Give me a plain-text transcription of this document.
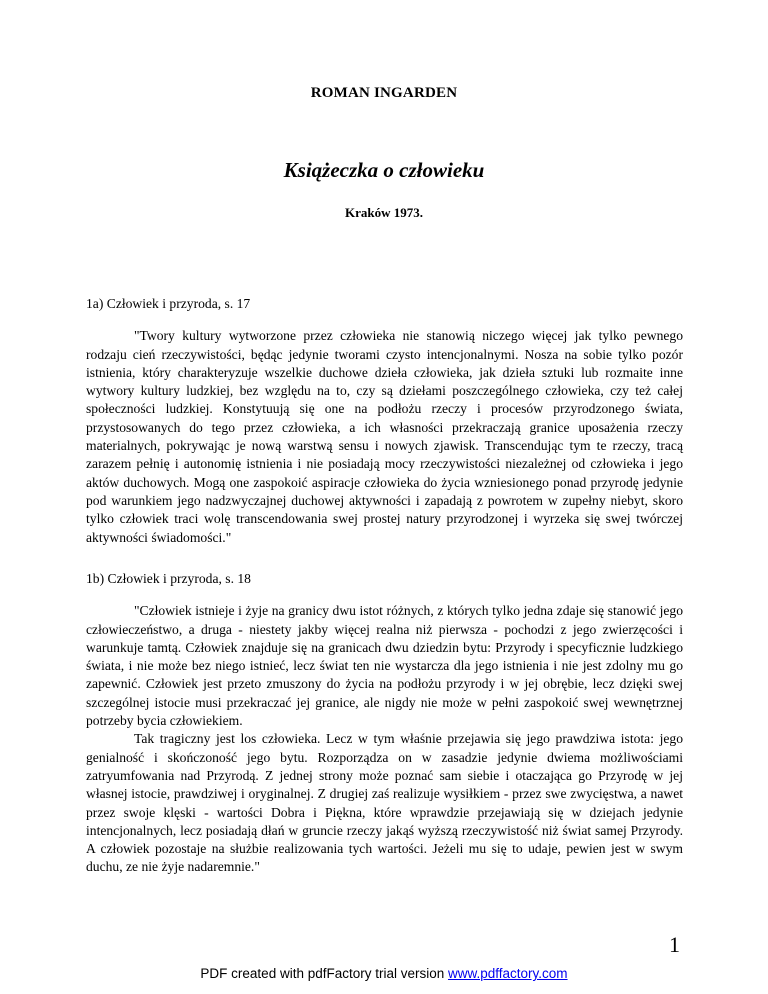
ROMAN INGARDEN
Książeczka o człowieku
Kraków 1973.

1a) Człowiek i przyroda, s. 17

"Twory kultury wytworzone przez człowieka nie stanowią niczego więcej jak tylko pewnego rodzaju cień rzeczywistości, będąc jedynie tworami czysto intencjonalnymi. Nosza na sobie tylko pozór istnienia, który charakteryzuje wszelkie duchowe dzieła człowieka, jak dzieła sztuki lub rozmaite inne wytwory kultury ludzkiej, bez względu na to, czy są dziełami poszczególnego człowieka, czy też całej społeczności ludzkiej. Konstytuują się one na podłożu rzeczy i procesów przyrodzonego świata, przystosowanych do tego przez człowieka, a ich własności przekraczają granice uposażenia rzeczy materialnych, pokrywając je nową warstwą sensu i nowych zjawisk. Transcendując tym te rzeczy, tracą zarazem pełnię i autonomię istnienia i nie posiadają mocy rzeczywistości niezależnej od człowieka i jego aktów duchowych. Mogą one zaspokoić aspiracje człowieka do życia wzniesionego ponad przyrodę jedynie pod warunkiem jego nadzwyczajnej duchowej aktywności i zapadają z powrotem w zupełny niebyt, skoro tylko człowiek traci wolę transcendowania swej prostej natury przyrodzonej i wyrzeka się swej twórczej aktywności świadomości."

1b) Człowiek i przyroda, s. 18

"Człowiek istnieje i żyje na granicy dwu istot różnych, z których tylko jedna zdaje się stanowić jego człowieczeństwo, a druga - niestety jakby więcej realna niż pierwsza - pochodzi z jego zwierzęcości i warunkuje tamtą. Człowiek znajduje się na granicach dwu dziedzin bytu: Przyrody i specyficznie ludzkiego świata, i nie może bez niego istnieć, lecz świat ten nie wystarcza dla jego istnienia i nie jest zdolny mu go zapewnić. Człowiek jest przeto zmuszony do życia na podłożu przyrody i w jej obrębie, lecz dzięki swej szczególnej istocie musi przekraczać jej granice, ale nigdy nie może w pełni zaspokoić swej wewnętrznej potrzeby bycia człowiekiem.

Tak tragiczny jest los człowieka. Lecz w tym właśnie przejawia się jego prawdziwa istota: jego genialność i skończoność jego bytu. Rozporządza on w zasadzie jedynie dwiema możliwościami zatryumfowania nad Przyrodą. Z jednej strony może poznać sam siebie i otaczająca go Przyrodę w jej własnej istocie, prawdziwej i oryginalnej. Z drugiej zaś realizuje wysiłkiem - przez swe zwycięstwa, a nawet przez swoje klęski - wartości Dobra i Piękna, które wprawdzie przejawiają się w dziejach jedynie intencjonalnych, lecz posiadają dłań w gruncie rzeczy jakąś wyższą rzeczywistość niż świat samej Przyrody. A człowiek pozostaje na służbie realizowania tych wartości. Jeżeli mu się to udaje, pewien jest w swym duchu, ze nie żyje nadaremnie."

1
PDF created with pdfFactory trial version www.pdffactory.com
